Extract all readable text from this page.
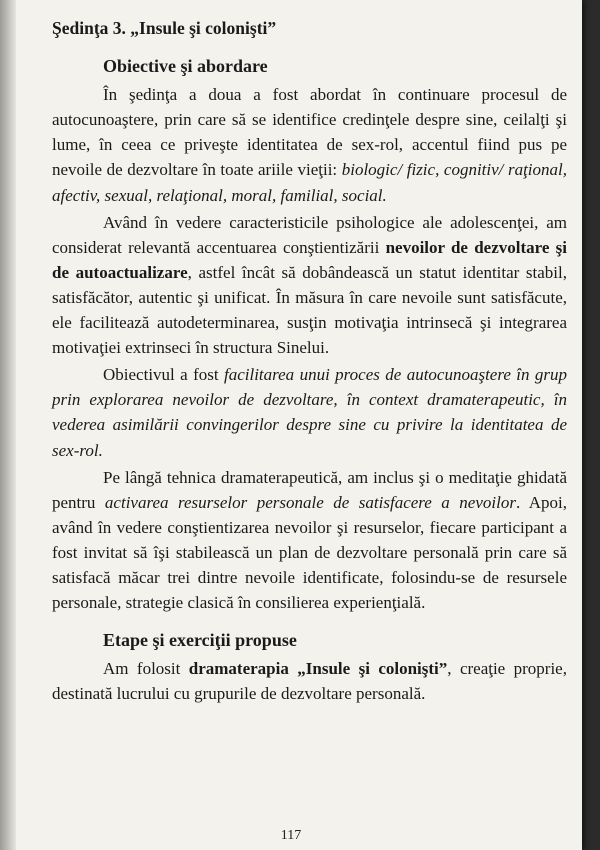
Şedinţa 3. „Insule şi colonişti”
Obiective şi abordare

În şedinţa a doua a fost abordat în continuare procesul de autocunoaştere, prin care să se identifice credinţele despre sine, ceilalţi şi lume, în ceea ce priveşte identitatea de sex-rol, accentul fiind pus pe nevoile de dezvoltare în toate ariile vieţii: biologic/ fizic, cognitiv/ raţional, afectiv, sexual, relaţional, moral, familial, social.

Având în vedere caracteristicile psihologice ale adolescenţei, am considerat relevantă accentuarea conştientizării nevoilor de dezvoltare şi de autoactualizare, astfel încât să dobândească un statut identitar stabil, satisfăcător, autentic şi unificat. În măsura în care nevoile sunt satisfăcute, ele facilitează autodeterminarea, susţin motivaţia intrinsecă şi integrarea motivaţiei extrinseci în structura Sinelui.

Obiectivul a fost facilitarea unui proces de autocunoaştere în grup prin explorarea nevoilor de dezvoltare, în context dramaterapeutic, în vederea asimilării convingerilor despre sine cu privire la identitatea de sex-rol.

Pe lângă tehnica dramaterapeutică, am inclus şi o meditaţie ghidată pentru activarea resurselor personale de satisfacere a nevoilor. Apoi, având în vedere conştientizarea nevoilor şi resurselor, fiecare participant a fost invitat să îşi stabilească un plan de dezvoltare personală prin care să satisfacă măcar trei dintre nevoile identificate, folosindu-se de resursele personale, strategie clasică în consilierea experienţială.

Etape şi exerciţii propuse

Am folosit dramaterapia „Insule şi colonişti”, creaţie proprie, destinată lucrului cu grupurile de dezvoltare personală.

117
